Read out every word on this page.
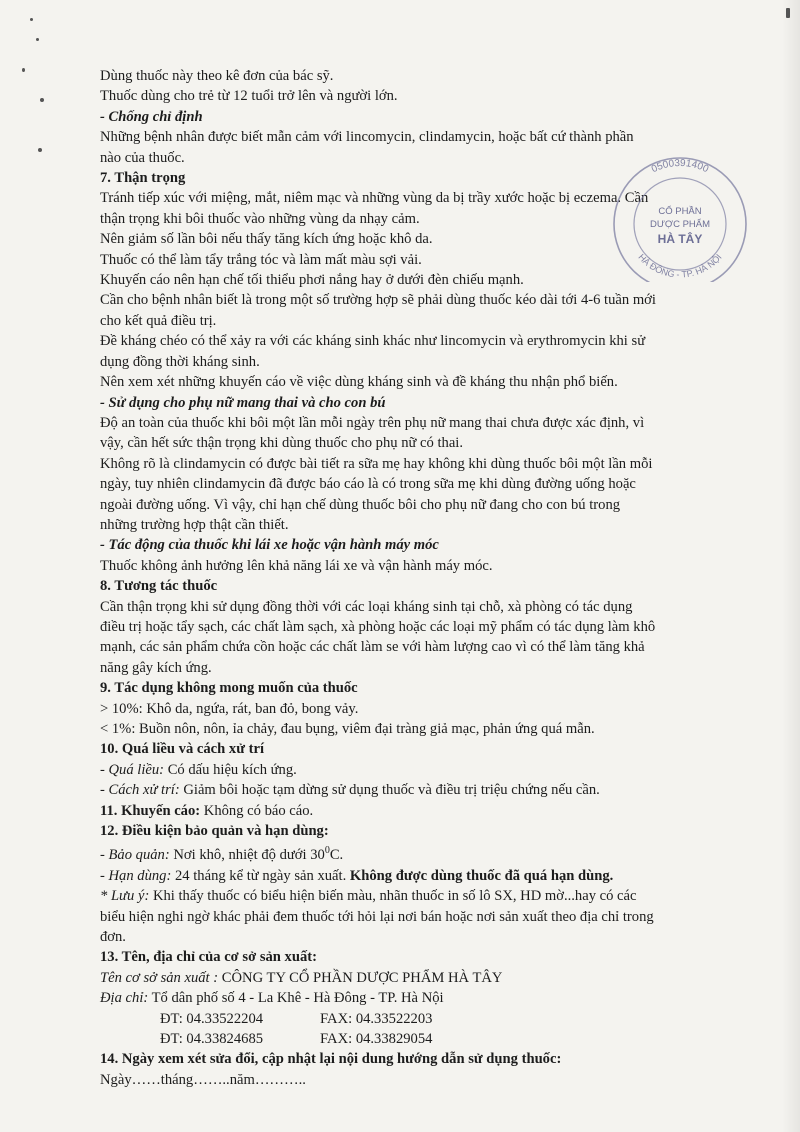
Dùng thuốc này theo kê đơn của bác sỹ.

Thuốc dùng cho trẻ từ 12 tuổi trở lên và người lớn.

- Chống chỉ định

Những bệnh nhân được biết mẫn cảm với lincomycin, clindamycin, hoặc bất cứ thành phần

nào của thuốc.

7. Thận trọng

Tránh tiếp xúc với miệng, mắt, niêm mạc và những vùng da bị trầy xước hoặc bị eczema. Cần

thận trọng khi bôi thuốc vào những vùng da nhạy cảm.

Nên giảm số lần bôi nếu thấy tăng kích ứng hoặc khô da.

Thuốc có thể làm tẩy trắng tóc và làm mất màu sợi vải.

Khuyến cáo nên hạn chế tối thiểu phơi nắng hay ở dưới đèn chiếu mạnh.

Cần cho bệnh nhân biết là trong một số trường hợp sẽ phải dùng thuốc kéo dài tới 4-6 tuần mới

cho kết quả điều trị.

Đề kháng chéo có thể xảy ra với các kháng sinh khác như lincomycin và erythromycin khi sử

dụng đồng thời kháng sinh.

Nên xem xét những khuyến cáo về việc dùng kháng sinh và đề kháng thu nhận phổ biến.

- Sử dụng cho phụ nữ mang thai và cho con bú

Độ an toàn của thuốc khi bôi một lần mỗi ngày trên phụ nữ mang thai chưa được xác định, vì

vậy, cần hết sức thận trọng khi dùng thuốc cho phụ nữ có thai.

Không rõ là clindamycin có được bài tiết ra sữa mẹ hay không khi dùng thuốc bôi một lần mỗi

ngày, tuy nhiên clindamycin đã được báo cáo là có trong sữa mẹ khi dùng đường uống hoặc

ngoài đường uống. Vì vậy, chỉ hạn chế dùng thuốc bôi cho phụ nữ đang cho con bú trong

những trường hợp thật cần thiết.

- Tác động của thuốc khi lái xe hoặc vận hành máy móc

Thuốc không ảnh hưởng lên khả năng lái xe và vận hành máy móc.

8. Tương tác thuốc

Cần thận trọng khi sử dụng đồng thời với các loại kháng sinh tại chỗ, xà phòng có tác dụng

điều trị hoặc tẩy sạch, các chất làm sạch, xà phòng hoặc các loại mỹ phẩm có tác dụng làm khô

mạnh, các sản phẩm chứa cồn hoặc các chất làm se với hàm lượng cao vì có thể làm tăng khả

năng gây kích ứng.

9. Tác dụng không mong muốn của thuốc

> 10%: Khô da, ngứa, rát, ban đỏ, bong vảy.

< 1%: Buồn nôn, nôn, ỉa chảy, đau bụng, viêm đại tràng giả mạc, phản ứng quá mẫn.

10. Quá liều và cách xử trí

- Quá liều: Có dấu hiệu kích ứng.

- Cách xử trí: Giảm bôi hoặc tạm dừng sử dụng thuốc và điều trị triệu chứng nếu cần.

11. Khuyến cáo: Không có báo cáo.

12. Điều kiện bảo quản và hạn dùng:

- Bảo quản: Nơi khô, nhiệt độ dưới $30^0C$.

- Hạn dùng: 24 tháng kể từ ngày sản xuất. Không được dùng thuốc đã quá hạn dùng.

* Lưu ý: Khi thấy thuốc có biểu hiện biến màu, nhãn thuốc in số lô SX, HD mờ...hay có các

biểu hiện nghi ngờ khác phải đem thuốc tới hỏi lại nơi bán hoặc nơi sản xuất theo địa chỉ trong

đơn.

13. Tên, địa chỉ của cơ sở sản xuất:

Tên cơ sở sản xuất : CÔNG TY CỔ PHẦN DƯỢC PHẨM HÀ TÂY

Địa chỉ: Tổ dân phố số 4 - La Khê - Hà Đông - TP. Hà Nội

ĐT: 04.33522204	FAX: 04.33522203

ĐT: 04.33824685	FAX: 04.33829054

14. Ngày xem xét sửa đổi, cập nhật lại nội dung hướng dẫn sử dụng thuốc:

Ngày……tháng……..năm………..

0500391400
CỔ PHẦN
DƯỢC PHẨM
HÀ TÂY
HÀ ĐÔNG - TP. HÀ NỘI
